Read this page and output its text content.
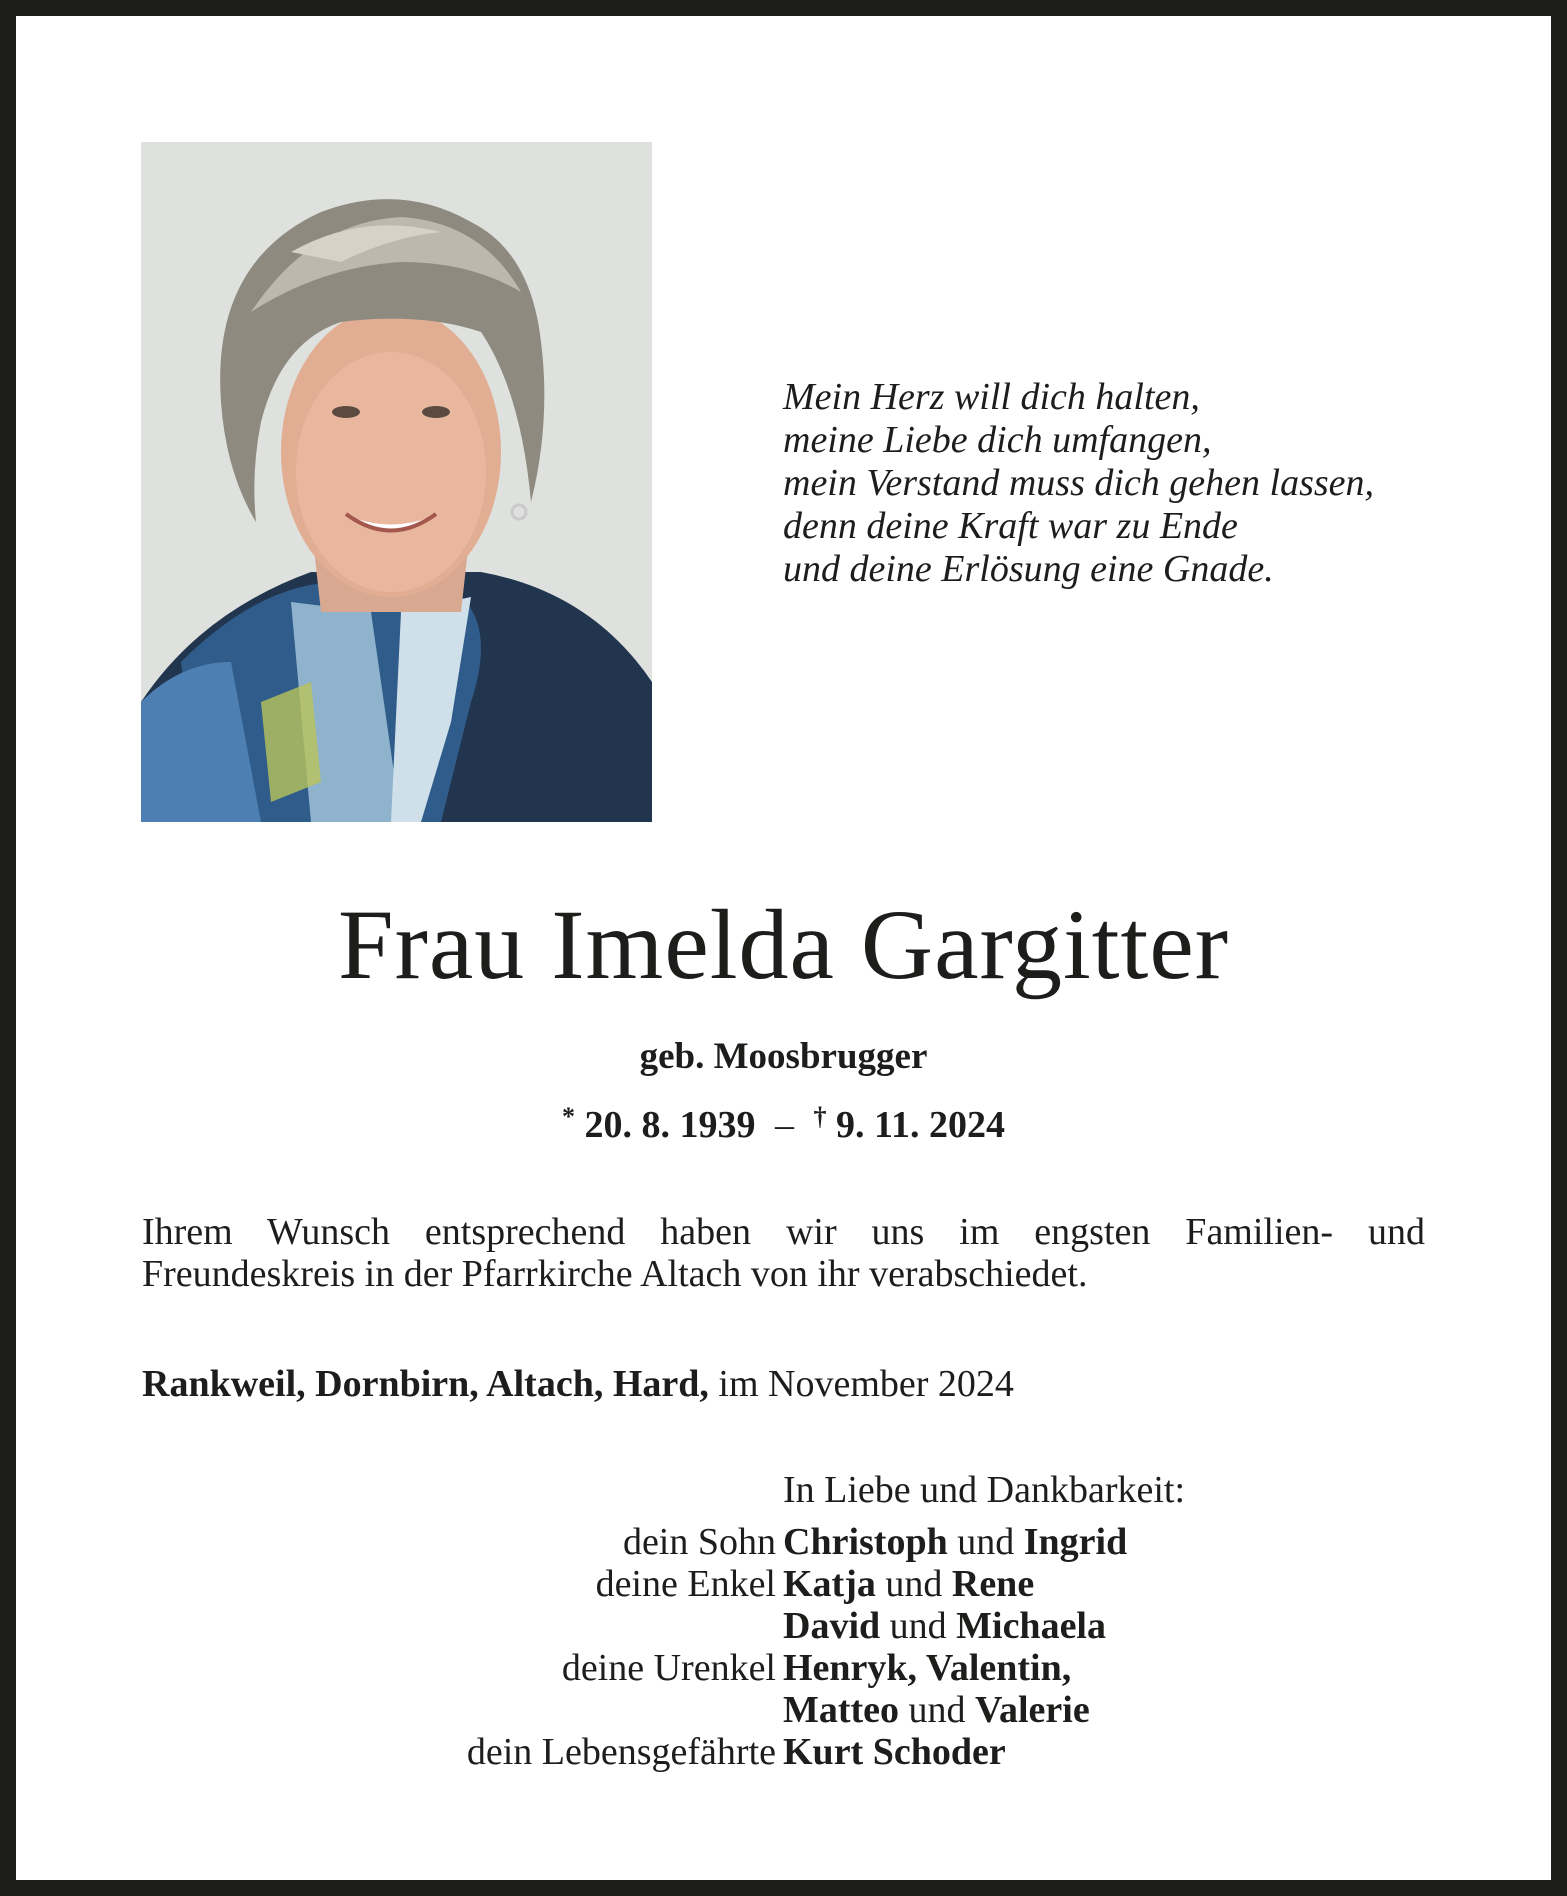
Mein Herz will dich halten,
meine Liebe dich umfangen,
mein Verstand muss dich gehen lassen,
denn deine Kraft war zu Ende
und deine Erlösung eine Gnade.
Frau Imelda Gargitter
geb. Moosbrugger
* 20. 8. 1939 – † 9. 11. 2024
Ihrem Wunsch entsprechend haben wir uns im engsten Familien- und
Freundeskreis in der Pfarrkirche Altach von ihr verabschiedet.
Rankweil, Dornbirn, Altach, Hard, im November 2024
In Liebe und Dankbarkeit:
dein Sohn Christoph und Ingrid
deine Enkel Katja und Rene
David und Michaela
deine Urenkel Henryk, Valentin,
Matteo und Valerie
dein Lebensgefährte Kurt Schoder
